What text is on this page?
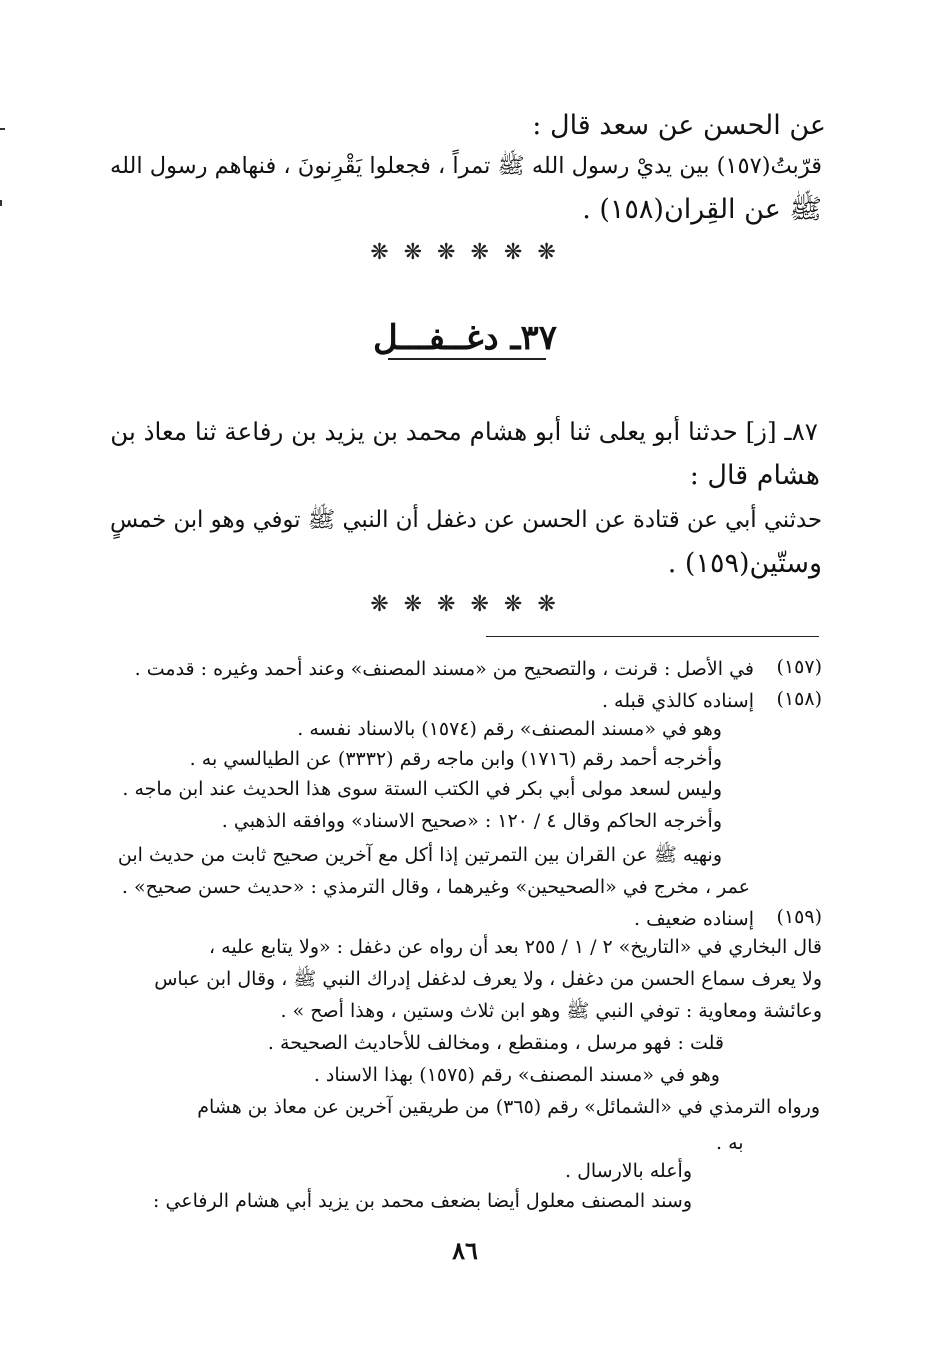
عن الحسن عن سعد قال :
قرّبتُ(١٥٧) بين يديْ رسول الله ﷺ تمراً ، فجعلوا يَقْرِنونَ ، فنهاهم رسول الله
ﷺ عن القِران(١٥٨) .
❋ ❋ ❋ ❋ ❋ ❋
٣٧ـ دغــفـــل
٨٧ـ [ز] حدثنا أبو يعلى ثنا أبو هشام محمد بن يزيد بن رفاعة ثنا معاذ بن
هشام قال :
حدثني أبي عن قتادة عن الحسن عن دغفل أن النبي ﷺ توفي وهو ابن خمسٍ
وستّين(١٥٩) .
❋ ❋ ❋ ❋ ❋ ❋
(١٥٧)
في الأصل : قرنت ، والتصحيح من «مسند المصنف» وعند أحمد وغيره : قدمت .
(١٥٨)
إسناده كالذي قبله .
وهو في «مسند المصنف» رقم (١٥٧٤) بالاسناد نفسه .
وأخرجه أحمد رقم (١٧١٦) وابن ماجه رقم (٣٣٣٢) عن الطيالسي به .
وليس لسعد مولى أبي بكر في الكتب الستة سوى هذا الحديث عند ابن ماجه .
وأخرجه الحاكم وقال ٤ / ١٢٠ : «صحيح الاسناد» ووافقه الذهبي .
ونهيه ﷺ عن القران بين التمرتين إذا أكل مع آخرين صحيح ثابت من حديث ابن
عمر ، مخرج في «الصحيحين» وغيرهما ، وقال الترمذي : «حديث حسن صحيح» .
(١٥٩)
إسناده ضعيف .
قال البخاري في «التاريخ» ٢ / ١ / ٢٥٥ بعد أن رواه عن دغفل : «ولا يتابع عليه ،
ولا يعرف سماع الحسن من دغفل ، ولا يعرف لدغفل إدراك النبي ﷺ ، وقال ابن عباس
وعائشة ومعاوية : توفي النبي ﷺ وهو ابن ثلاث وستين ، وهذا أصح » .
قلت : فهو مرسل ، ومنقطع ، ومخالف للأحاديث الصحيحة .
وهو في «مسند المصنف» رقم (١٥٧٥) بهذا الاسناد .
ورواه الترمذي في «الشمائل» رقم (٣٦٥) من طريقين آخرين عن معاذ بن هشام
به .
وأعله بالارسال .
وسند المصنف معلول أيضا بضعف محمد بن يزيد أبي هشام الرفاعي :
٨٦
